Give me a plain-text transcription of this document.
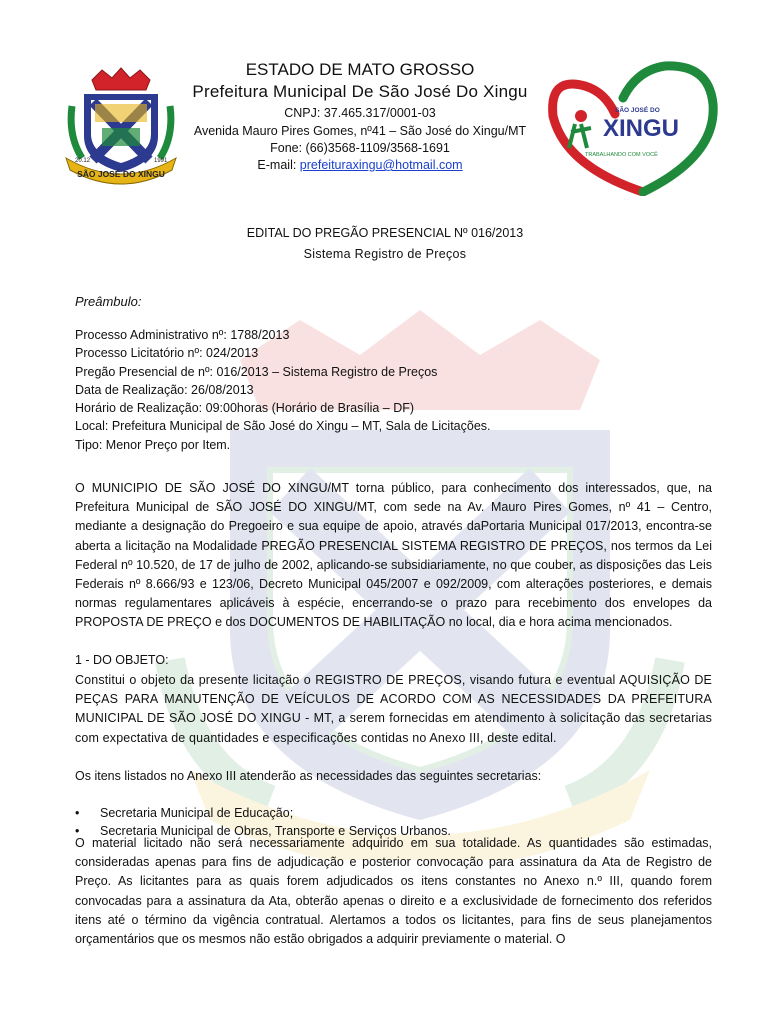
SÃO JOSÉ DO XINGU
20.12	1991
SÃO JOSÉ DO
XINGU
TRABALHANDO COM VOCÊ
ESTADO DE MATO GROSSO
Prefeitura Municipal De São José Do Xingu
CNPJ: 37.465.317/0001-03
Avenida Mauro Pires Gomes, nº41 – São José do Xingu/MT
Fone: (66)3568-1109/3568-1691
E-mail: prefeituraxingu@hotmail.com
EDITAL DO PREGÃO PRESENCIAL Nº 016/2013
Sistema Registro de Preços
Preâmbulo:
Processo Administrativo nº: 1788/2013
Processo Licitatório nº: 024/2013
Pregão Presencial de nº: 016/2013 – Sistema Registro de Preços
Data de Realização: 26/08/2013
Horário de Realização: 09:00horas (Horário de Brasília – DF)
Local: Prefeitura Municipal de São José do Xingu – MT, Sala de Licitações.
Tipo: Menor Preço por Item.
O MUNICIPIO DE SÃO JOSÉ DO XINGU/MT torna público, para conhecimento dos interessados, que, na Prefeitura Municipal de SÃO JOSÉ DO XINGU/MT, com sede na Av. Mauro Pires Gomes, nº 41 – Centro, mediante a designação do Pregoeiro e sua equipe de apoio, através daPortaria Municipal 017/2013, encontra-se aberta a licitação na Modalidade PREGÃO PRESENCIAL SISTEMA REGISTRO DE PREÇOS, nos termos da Lei Federal nº 10.520, de 17 de julho de 2002, aplicando-se subsidiariamente, no que couber, as disposições das Leis Federais nº 8.666/93 e 123/06, Decreto Municipal 045/2007 e 092/2009, com alterações posteriores, e demais normas regulamentares aplicáveis à espécie, encerrando-se o prazo para recebimento dos envelopes da PROPOSTA DE PREÇO e dos DOCUMENTOS DE HABILITAÇÃO no local, dia e hora acima mencionados.
1 - DO OBJETO:
Constitui o objeto da presente licitação o REGISTRO DE PREÇOS, visando futura e eventual AQUISIÇÃO DE PEÇAS PARA MANUTENÇÃO DE VEÍCULOS DE ACORDO COM AS NECESSIDADES DA PREFEITURA MUNICIPAL DE SÃO JOSÉ DO XINGU - MT, a serem fornecidas em atendimento à solicitação das secretarias com expectativa de quantidades e especificações contidas no Anexo III, deste edital.
Os itens listados no Anexo III atenderão as necessidades das seguintes secretarias:
•	Secretaria Municipal de Educação;
•	Secretaria Municipal de Obras, Transporte e Serviços Urbanos.
O material licitado não será necessariamente adquirido em sua totalidade. As quantidades são estimadas, consideradas apenas para fins de adjudicação e posterior convocação para assinatura da Ata de Registro de Preço. As licitantes para as quais forem adjudicados os itens constantes no Anexo n.º III, quando forem convocadas para a assinatura da Ata, obterão apenas o direito e a exclusividade de fornecimento dos referidos itens até o término da vigência contratual. Alertamos a todos os licitantes, para fins de seus planejamentos orçamentários que os mesmos não estão obrigados a adquirir previamente o material. O
